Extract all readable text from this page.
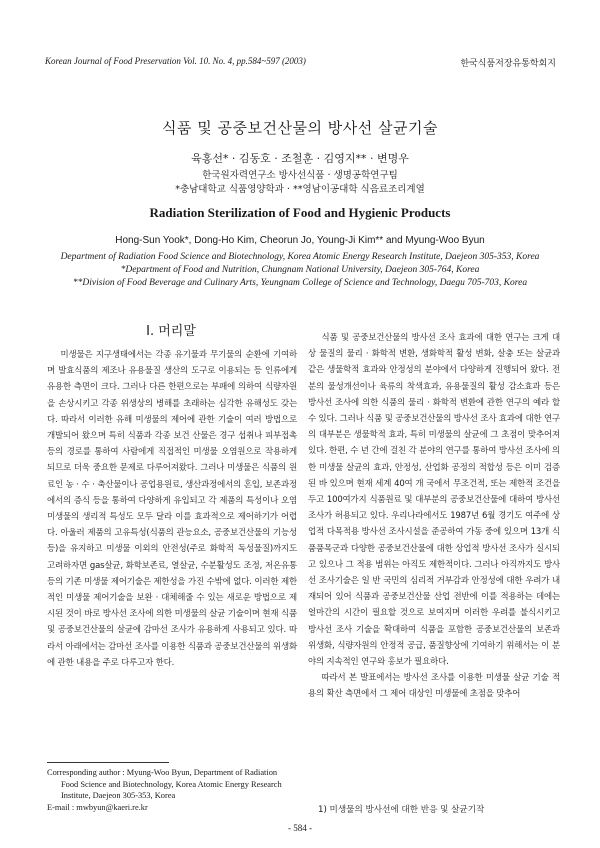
Korean Journal of Food Preservation Vol. 10. No. 4, pp.584~597 (2003)	한국식품저장유통학회지
식품 및 공중보건산물의 방사선 살균기술
육홍선* · 김동호 · 조철훈 · 김영지** · 변명우
한국원자력연구소 방사선식품 · 생명공학연구팀
*충남대학교 식품영양학과 · **영남이공대학 식음료조리계열
Radiation Sterilization of Food and Hygienic Products
Hong-Sun Yook*, Dong-Ho Kim, Cheorun Jo, Young-Ji Kim** and Myung-Woo Byun
Department of Radiation Food Science and Biotechnology, Korea Atomic Energy Research Institute, Daejeon 305-353, Korea
*Department of Food and Nutrition, Chungnam National University, Daejeon 305-764, Korea
**Division of Food Beverage and Culinary Arts, Yeungnam College of Science and Technology, Daegu 705-703, Korea
Ⅰ. 머리말

미생물은 지구생태에서는 각종 유기물과 무기물의 순환에 기여하며 발효식품의 제조나 유용물질 생산의 도구로 이용되는 등 인류에게 유용한 측면이 크다. 그러나 다른 한편으로는 부패에 의하여 식량자원을 손상시키고 각종 위생상의 병해를 초래하는 심각한 유해성도 갖는다. 따라서 이러한 유해 미생물의 제어에 관한 기술이 여러 방법으로 개발되어 왔으며 특히 식품과 각종 보건 산물은 경구 섭취나 피부접촉 등의 경로를 통하여 사람에게 직접적인 미생물 오염원으로 작용하게 되므로 더욱 중요한 문제로 다루어져왔다. 그러나 미생물은 식품의 원료인 농 · 수 · 축산물이나 공업용원료, 생산과정에서의 혼입, 보존과정에서의 증식 등을 통하여 다양하게 유입되고 각 제품의 특성이나 오염미생물의 생리적 특성도 모두 달라 이를 효과적으로 제어하기가 어렵다. 아울러 제품의 고유특성(식품의 관능요소, 공중보건산물의 기능성 등)을 유지하고 미생물 이외의 안전성(주로 화학적 독성물질)까지도 고려하자면 gas살균, 화학보존료, 열살균, 수분활성도 조정, 저온유통 등의 기존 미생물 제어기술은 제한성을 가진 수밖에 없다. 이러한 제한적인 미생물 제어기술을 보완 · 대체해줄 수 있는 새로운 방법으로 제시된 것이 바로 방사선 조사에 의한 미생물의 살균 기술이며 현재 식품 및 공중보건산물의 살균에 감마선 조사가 유용하게 사용되고 있다. 따라서 아래에서는 감마선 조사를 이용한 식품과 공중보건산물의 위생화에 관한 내용을 주로 다루고자 한다.

식품 및 공중보건산물의 방사선 조사 효과에 대한 연구는 크게 대상 물질의 물리 · 화학적 변환, 생화학적 활성 변화, 살충 또는 살균과 같은 생물학적 효과와 안정성의 분야에서 다양하게 진행되어 왔다. 전분의 물성개선이나 육류의 착색효과, 유용물질의 활성 감소효과 등은 방사선 조사에 의한 식품의 물리 · 화학적 변환에 관한 연구의 예라 할 수 있다. 그러나 식품 및 공중보건산물의 방사선 조사 효과에 대한 연구의 대부분은 생물학적 효과, 특히 미생물의 살균에 그 초점이 맞추어져 있다. 한편, 수 년 간에 걸친 각 분야의 연구를 통하여 방사선 조사에 의한 미생물 살균의 효과, 안정성, 산업화 공정의 적합성 등은 이미 검증된 바 있으며 현재 세계 40여 개 국에서 무조건적, 또는 제한적 조건을 두고 100여가지 식품원료 및 대부분의 공중보건산물에 대하여 방사선 조사가 허용되고 있다. 우리나라에서도 1987년 6월 경기도 여주에 상업적 다목적용 방사선 조사시설을 준공하여 가동 중에 있으며 13개 식품품목군과 다양한 공중보건산물에 대한 상업적 방사선 조사가 실시되고 있으나 그 적용 범위는 아직도 제한적이다. 그러나 아직까지도 방사선 조사기술은 일 반 국민의 심리적 거부감과 안정성에 대한 우려가 내재되어 있어 식품과 공중보건산물 산업 전반에 이를 적용하는 데에는 얼마간의 시간이 필요할 것으로 보여지며 이러한 우려를 불식시키고 방사선 조사 기술을 확대하여 식품을 포함한 공중보건산물의 보존과 위생화, 식량자원의 안정적 공급, 품질향상에 기여하기 위해서는 이 분야의 지속적인 연구와 홍보가 필요하다.

따라서 본 발표에서는 방사선 조사를 이용한 미생물 살균 기술 적용의 확산 측면에서 그 제어 대상인 미생물에 초점을 맞추어

1) 미생물의 방사선에 대한 반응 및 살균기작
Corresponding author : Myung-Woo Byun, Department of Radiation
Food Science and Biotechnology, Korea Atomic Energy Research
Institute, Daejeon 305-353, Korea
E-mail : mwbyun@kaeri.re.kr
- 584 -
